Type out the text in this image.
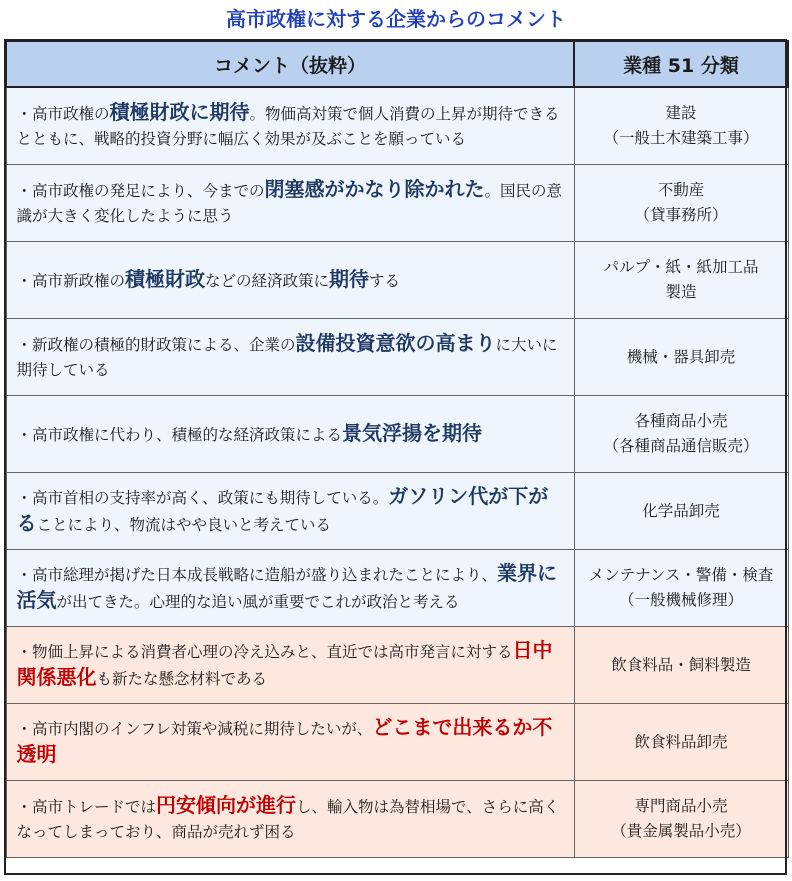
高市政権に対する企業からのコメント
コメント（抜粋）	業種 51 分類
・高市政権の積極財政に期待。物価高対策で個人消費の上昇が期待できるとともに、戦略的投資分野に幅広く効果が及ぶことを願っている	建設
（一般土木建築工事）

・高市政権の発足により、今までの閉塞感がかなり除かれた。国民の意識が大きく変化したように思う	不動産
（貸事務所）

・高市新政権の積極財政などの経済政策に期待する	パルプ・紙・紙加工品
製造

・新政権の積極的財政策による、企業の設備投資意欲の高まりに大いに期待している	機械・器具卸売

・高市政権に代わり、積極的な経済政策による景気浮揚を期待	各種商品小売
（各種商品通信販売）

・高市首相の支持率が高く、政策にも期待している。ガソリン代が下がることにより、物流はやや良いと考えている	化学品卸売

・高市総理が掲げた日本成長戦略に造船が盛り込まれたことにより、業界に活気が出てきた。心理的な追い風が重要でこれが政治と考える	メンテナンス・警備・検査
（一般機械修理）

・物価上昇による消費者心理の冷え込みと、直近では高市発言に対する日中関係悪化も新たな懸念材料である	飲食料品・飼料製造

・高市内閣のインフレ対策や減税に期待したいが、どこまで出来るか不透明	飲食料品卸売

・高市トレードでは円安傾向が進行し、輸入物は為替相場で、さらに高くなってしまっており、商品が売れず困る	専門商品小売
（貴金属製品小売）
